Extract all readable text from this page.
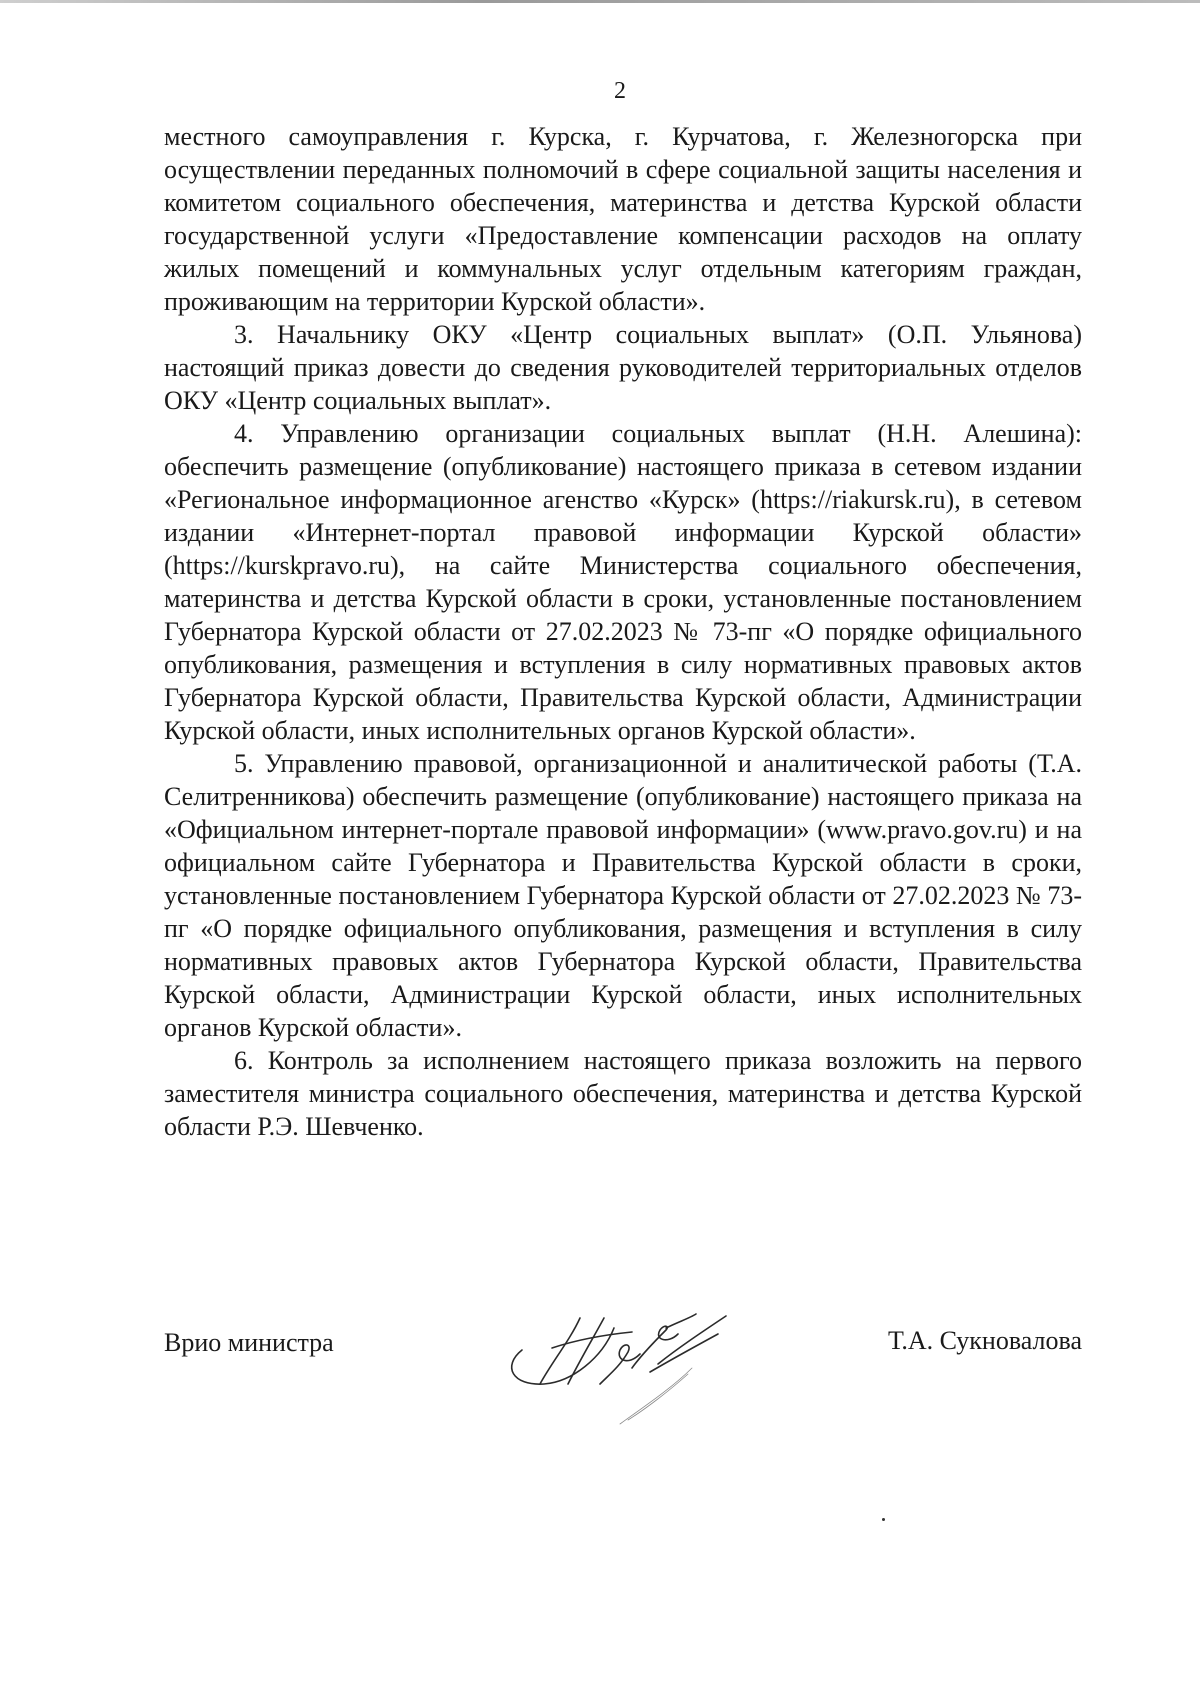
2

местного самоуправления г. Курска, г. Курчатова, г. Железногорска при осуществлении переданных полномочий в сфере социальной защиты населения и комитетом социального обеспечения, материнства и детства Курской области государственной услуги «Предоставление компенсации расходов на оплату жилых помещений и коммунальных услуг отдельным категориям граждан, проживающим на территории Курской области».

3. Начальнику ОКУ «Центр социальных выплат» (О.П. Ульянова) настоящий приказ довести до сведения руководителей территориальных отделов ОКУ «Центр социальных выплат».

4. Управлению организации социальных выплат (Н.Н. Алешина): обеспечить размещение (опубликование) настоящего приказа в сетевом издании «Региональное информационное агенство «Курск» (https://riakursk.ru), в сетевом издании «Интернет-портал правовой информации Курской области» (https://kurskpravo.ru), на сайте Министерства социального обеспечения, материнства и детства Курской области в сроки, установленные постановлением Губернатора Курской области от 27.02.2023 № 73-пг «О порядке официального опубликования, размещения и вступления в силу нормативных правовых актов Губернатора Курской области, Правительства Курской области, Администрации Курской области, иных исполнительных органов Курской области».

5. Управлению правовой, организационной и аналитической работы (Т.А. Селитренникова) обеспечить размещение (опубликование) настоящего приказа на «Официальном интернет-портале правовой информации» (www.pravo.gov.ru) и на официальном сайте Губернатора и Правительства Курской области в сроки, установленные постановлением Губернатора Курской области от 27.02.2023 № 73-пг «О порядке официального опубликования, размещения и вступления в силу нормативных правовых актов Губернатора Курской области, Правительства Курской области, Администрации Курской области, иных исполнительных органов Курской области».

6. Контроль за исполнением настоящего приказа возложить на первого заместителя министра социального обеспечения, материнства и детства Курской области Р.Э. Шевченко.

Врио министра	Т.А. Сукновалова
